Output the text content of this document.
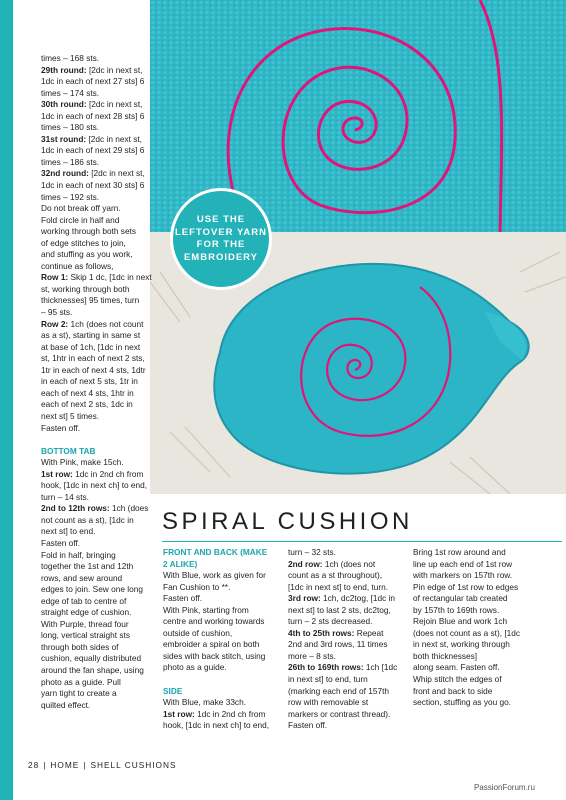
USE THE
LEFTOVER YARN
FOR THE
EMBROIDERY

times – 168 sts.

29th round: [2dc in next st,

1dc in each of next 27 sts] 6

times – 174 sts.

30th round: [2dc in next st,

1dc in each of next 28 sts] 6

times – 180 sts.

31st round: [2dc in next st,

1dc in each of next 29 sts] 6

times – 186 sts.

32nd round: [2dc in next st,

1dc in each of next 30 sts] 6

times – 192 sts.

Do not break off yarn.

Fold circle in half and

working through both sets

of edge stitches to join,

and stuffing as you work,

continue as follows,

Row 1: Skip 1 dc, [1dc in next

st, working through both

thicknesses] 95 times, turn

– 95 sts.

Row 2: 1ch (does not count

as a st), starting in same st

at base of 1ch, [1dc in next

st, 1htr in each of next 2 sts,

1tr in each of next 4 sts, 1dtr

in each of next 5 sts, 1tr in

each of next 4 sts, 1htr in

each of next 2 sts, 1dc in

next st] 5 times.

Fasten off.

BOTTOM TAB

With Pink, make 15ch.

1st row: 1dc in 2nd ch from

hook, [1dc in next ch] to end,

turn – 14 sts.

2nd to 12th rows: 1ch (does

not count as a st), [1dc in

next st] to end.

Fasten off.

Fold in half, bringing

together the 1st and 12th

rows, and sew around

edges to join. Sew one long

edge of tab to centre of

straight edge of cushion.

With Purple, thread four

long, vertical straight sts

through both sides of

cushion, equally distributed

around the fan shape, using

photo as a guide. Pull

yarn tight to create a

quilted effect.

SPIRAL CUSHION

FRONT AND BACK (MAKE

2 ALIKE)

With Blue, work as given for

Fan Cushion to **.

Fasten off.

With Pink, starting from

centre and working towards

outside of cushion,

embroider a spiral on both

sides with back stitch, using

photo as a guide.

SIDE

With Blue, make 33ch.

1st row: 1dc in 2nd ch from

hook, [1dc in next ch] to end,

turn – 32 sts.

2nd row: 1ch (does not

count as a st throughout),

[1dc in next st] to end, turn.

3rd row: 1ch, dc2tog, [1dc in

next st] to last 2 sts, dc2tog,

turn – 2 sts decreased.

4th to 25th rows: Repeat

2nd and 3rd rows, 11 times

more – 8 sts.

26th to 169th rows: 1ch [1dc

in next st] to end, turn

(marking each end of 157th

row with removable st

markers or contrast thread).

Fasten off.

Bring 1st row around and

line up each end of 1st row

with markers on 157th row.

Pin edge of 1st row to edges

of rectangular tab created

by 157th to 169th rows.

Rejoin Blue and work 1ch

(does not count as a st), [1dc

in next st, working through

both thicknesses]

along seam. Fasten off.

Whip stitch the edges of

front and back to side

section, stuffing as you go.

28 | HOME | SHELL CUSHIONS
PassionForum.ru
